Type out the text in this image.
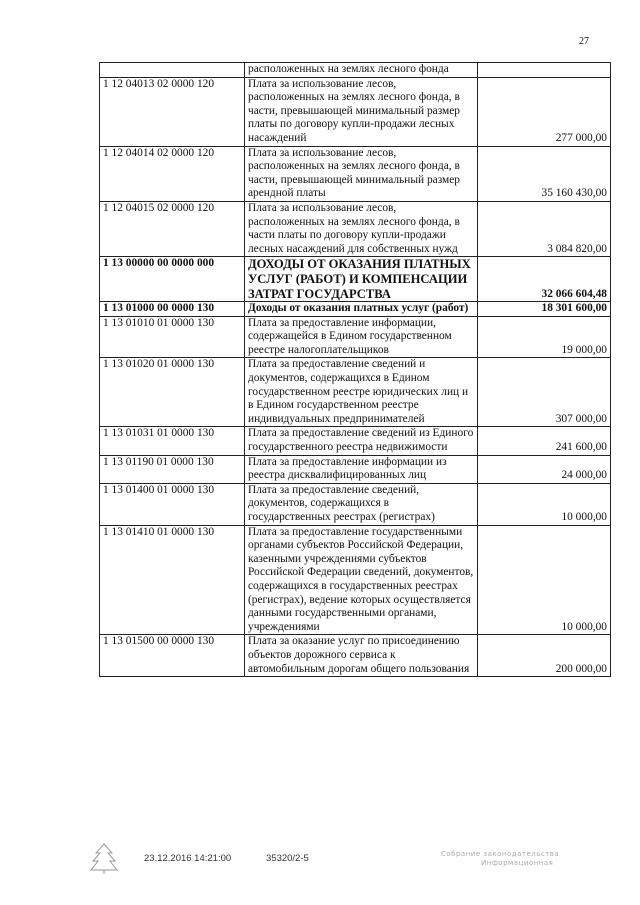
27
	расположенных на землях лесного фонда	
1 12 04013 02 0000 120	Плата за использование лесов, расположенных на землях лесного фонда, в части, превышающей минимальный размер платы по договору купли-продажи лесных насаждений	277 000,00
1 12 04014 02 0000 120	Плата за использование лесов, расположенных на землях лесного фонда, в части, превышающей минимальный размер арендной платы	35 160 430,00
1 12 04015 02 0000 120	Плата за использование лесов, расположенных на землях лесного фонда, в части платы по договору купли-продажи лесных насаждений для собственных нужд	3 084 820,00
1 13 00000 00 0000 000	ДОХОДЫ ОТ ОКАЗАНИЯ ПЛАТНЫХ УСЛУГ (РАБОТ) И КОМПЕНСАЦИИ ЗАТРАТ ГОСУДАРСТВА	32 066 604,48
1 13 01000 00 0000 130	Доходы от оказания платных услуг (работ)	18 301 600,00
1 13 01010 01 0000 130	Плата за предоставление информации, содержащейся в Едином государственном реестре налогоплательщиков	19 000,00
1 13 01020 01 0000 130	Плата за предоставление сведений и документов, содержащихся в Едином государственном реестре юридических лиц и в Едином государственном реестре индивидуальных предпринимателей	307 000,00
1 13 01031 01 0000 130	Плата за предоставление сведений из Единого государственного реестра недвижимости	241 600,00
1 13 01190 01 0000 130	Плата за предоставление информации из реестра дисквалифицированных лиц	24 000,00
1 13 01400 01 0000 130	Плата за предоставление сведений, документов, содержащихся в государственных реестрах (регистрах)	10 000,00
1 13 01410 01 0000 130	Плата за предоставление государственными органами субъектов Российской Федерации, казенными учреждениями субъектов Российской Федерации сведений, документов, содержащихся в государственных реестрах (регистрах), ведение которых осуществляется данными государственными органами, учреждениями	10 000,00
1 13 01500 00 0000 130	Плата за оказание услуг по присоединению объектов дорожного сервиса к автомобильным дорогам общего пользования	200 000,00
23.12.2016 14:21:00	35320/2-5	Собрание законодательства
Информационная
